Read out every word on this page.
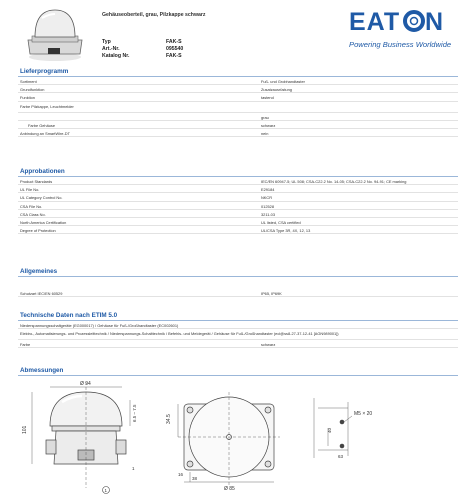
Gehäuseoberteil, grau, Pilzkappe schwarz
Typ	FAK-S
Art.-Nr.	095540
Katalog Nr.	FAK-S
EAT N
Powering Business Worldwide
Lieferprogramm
Sortiment	Fuß- und Grobhandtaster
Grundfunktion	Zusatzausrüstung
Funktion	tastend
Farbe Pilzkappe, Leuchtmelder
grau
Farbe Gehäuse	schwarz
Anbindung an SmartWire-DT	nein
Approbationen
Product Standards	IEC/EN 60947-5; UL 508; CSA-C22.2 No. 14-05; CSA-C22.2 No. 94-91; CE marking
UL File No.	E29184
UL Category Control No.	NKCR
CSA File No.	012528
CSA Class No.	3211-03
North America Certification	UL listed, CSA certified
Degree of Protection	UL/CSA Type 3R, 4X, 12, 13
Allgemeines
Schutzart IEC/EN 60529	IP65, IP69K
Technische Daten nach ETIM 5.0
Niederspannungsschaltgeräte (EG000017) / Gehäuse für Fuß-/Großhandtaster (EC002601)
Elektro-, Automatisierungs- und Prozessleittechnik / Niederspannungs-Schalttechnik / Befehls- und Meldegerät / Gehäuse für Fuß-/Großhandtaster (ecl@ss8-27-37-12-41 [AGN989001])
Farbe	schwarz
Abmessungen
Ø 94
101
6.5 – 7.5
1
1
34.5
Ø 85
38
16
M5 × 20
40
63
